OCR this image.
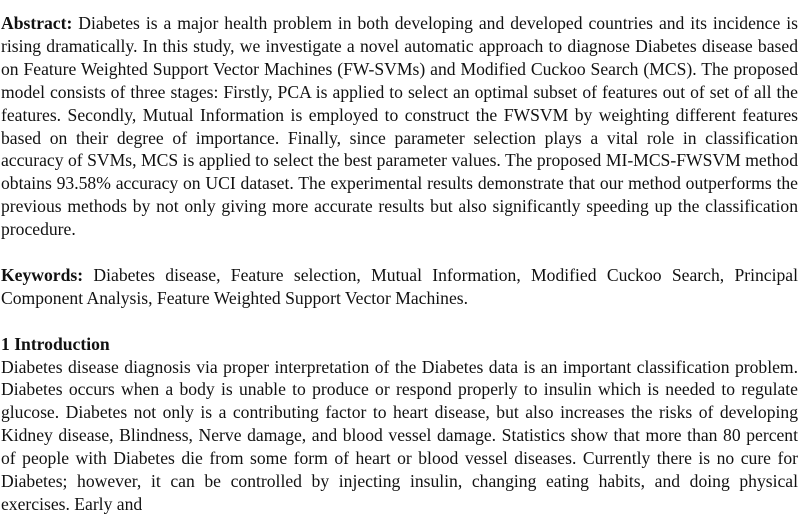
Abstract: Diabetes is a major health problem in both developing and developed countries and its incidence is rising dramatically. In this study, we investigate a novel automatic approach to diagnose Diabetes disease based on Feature Weighted Support Vector Machines (FW-SVMs) and Modified Cuckoo Search (MCS). The proposed model consists of three stages: Firstly, PCA is applied to select an optimal subset of features out of set of all the features. Secondly, Mutual Information is employed to construct the FWSVM by weighting different features based on their degree of importance. Finally, since parameter selection plays a vital role in classification accuracy of SVMs, MCS is applied to select the best parameter values. The proposed MI-MCS-FWSVM method obtains 93.58% accuracy on UCI dataset. The experimental results demonstrate that our method outperforms the previous methods by not only giving more accurate results but also significantly speeding up the classification procedure.

Keywords: Diabetes disease, Feature selection, Mutual Information, Modified Cuckoo Search, Principal Component Analysis, Feature Weighted Support Vector Machines.

1 Introduction

Diabetes disease diagnosis via proper interpretation of the Diabetes data is an important classification problem. Diabetes occurs when a body is unable to produce or respond properly to insulin which is needed to regulate glucose. Diabetes not only is a contributing factor to heart disease, but also increases the risks of developing Kidney disease, Blindness, Nerve damage, and blood vessel damage. Statistics show that more than 80 percent of people with Diabetes die from some form of heart or blood vessel diseases. Currently there is no cure for Diabetes; however, it can be controlled by injecting insulin, changing eating habits, and doing physical exercises. Early and
